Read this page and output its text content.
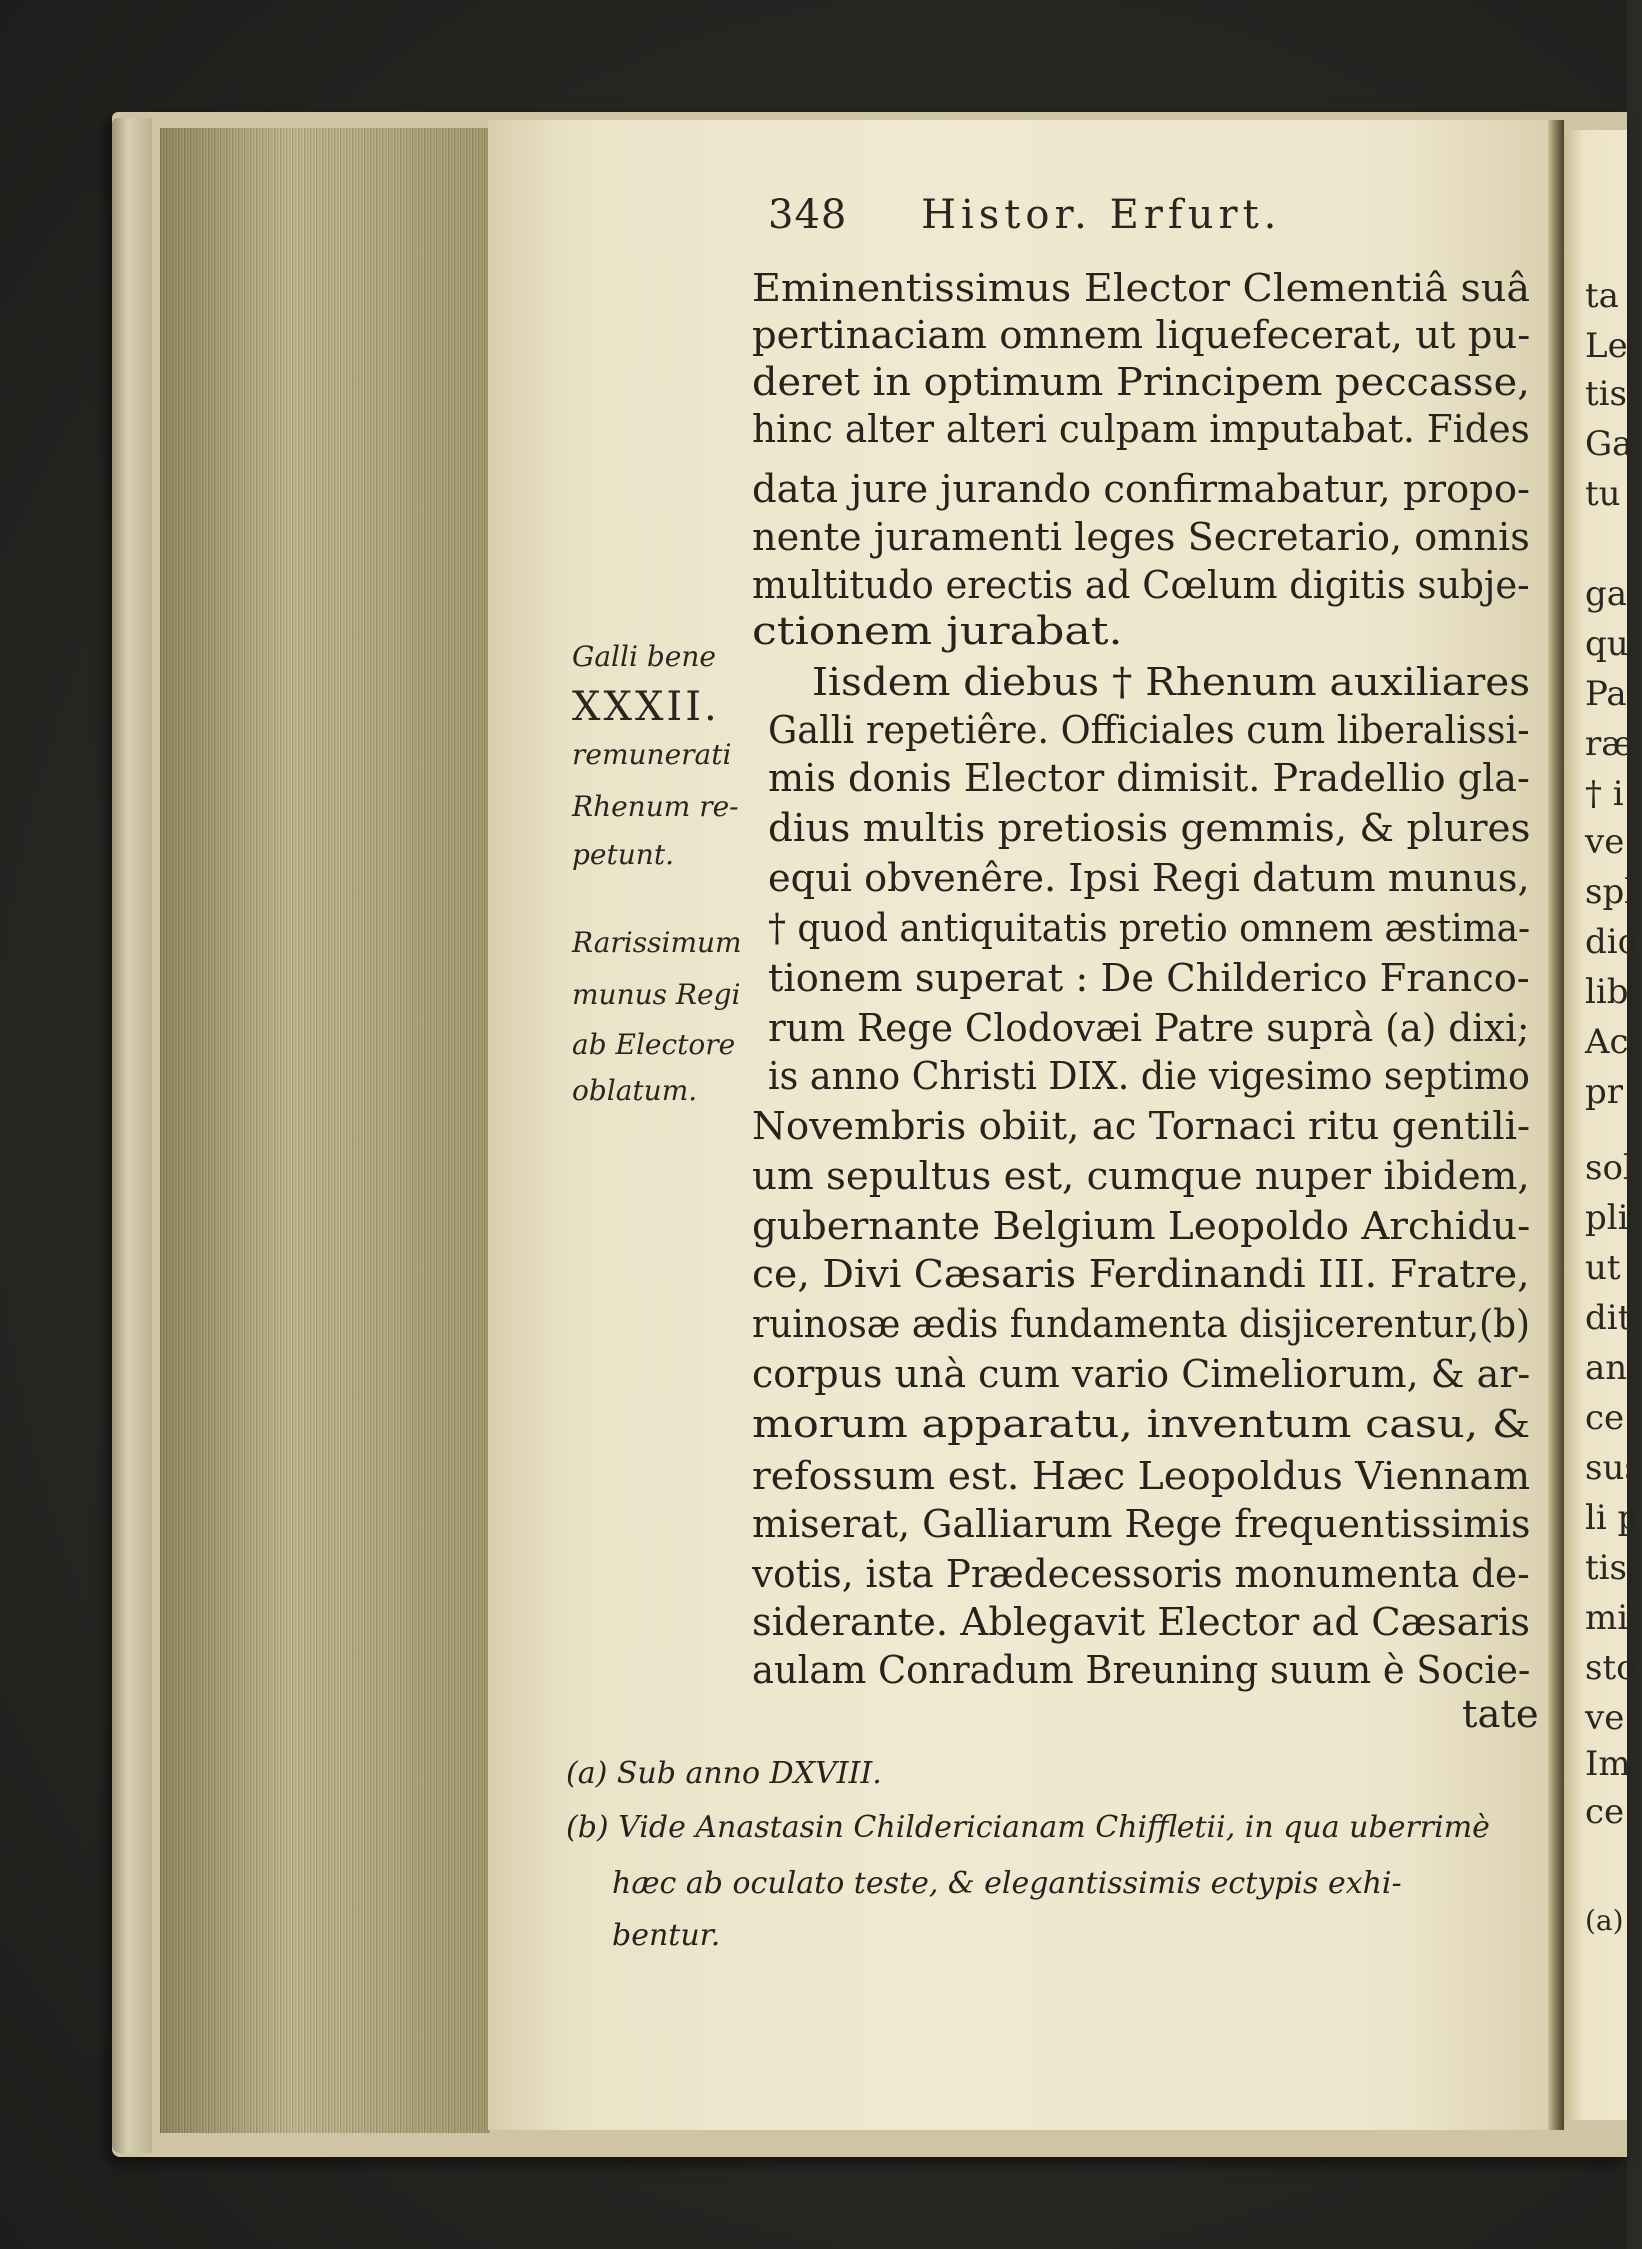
348 Histor. Erfurt.
Galli bene
XXXII.
remunerati
Rhenum re-
petunt.
Rarissimum
munus Regi
ab Electore
oblatum.
Eminentissimus Elector Clementiâ suâ
pertinaciam omnem liquefecerat, ut pu-
deret in optimum Principem peccasse,
hinc alter alteri culpam imputabat. Fides
data jure jurando confirmabatur, propo-
nente juramenti leges Secretario, omnis
multitudo erectis ad Cœlum digitis subje-
ctionem jurabat.
Iisdem diebus † Rhenum auxiliares
Galli repetiêre. Officiales cum liberalissi-
mis donis Elector dimisit. Pradellio gla-
dius multis pretiosis gemmis, & plures
equi obvenêre. Ipsi Regi datum munus,
† quod antiquitatis pretio omnem æstima-
tionem superat : De Childerico Franco-
rum Rege Clodovæi Patre suprà (a) dixi;
is anno Christi DIX. die vigesimo septimo
Novembris obiit, ac Tornaci ritu gentili-
um sepultus est, cumque nuper ibidem,
gubernante Belgium Leopoldo Archidu-
ce, Divi Cæsaris Ferdinandi III. Fratre,
ruinosæ ædis fundamenta disjicerentur,(b)
corpus unà cum vario Cimeliorum, & ar-
morum apparatu, inventum casu, &
refossum est. Hæc Leopoldus Viennam
miserat, Galliarum Rege frequentissimis
votis, ista Prædecessoris monumenta de-
siderante. Ablegavit Elector ad Cæsaris
aulam Conradum Breuning suum è Socie-
tate
(a) Sub anno DXVIII.
(b) Vide Anastasin Childericianam Chiffletii, in qua uberrimè
hæc ab oculato teste, & elegantissimis ectypis exhi-
bentur.
ta
Le
tis
Ga
tu
ga
qu
Pa
ræ
† i
ve
spl
dic
lib
Ac
pr
sol
pli
ut
dit
an
ce
sus
li p
tis
mi
sto
ve
Im
ce
(a)
